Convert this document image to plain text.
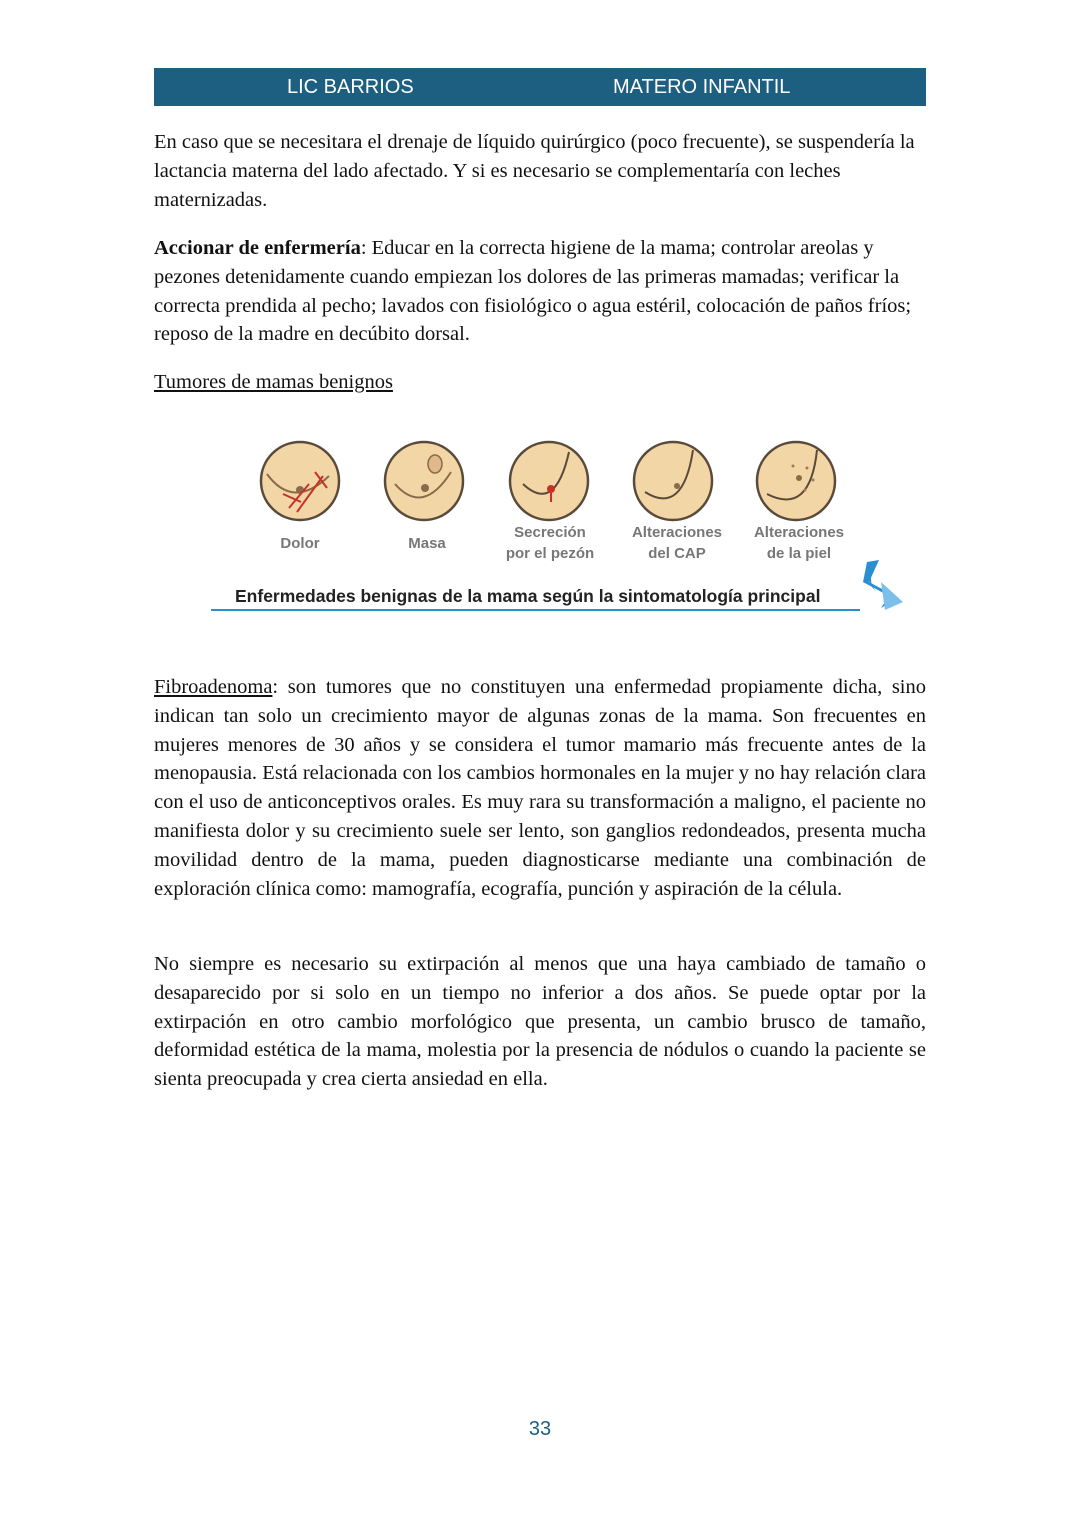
LIC BARRIOS	MATERO INFANTIL

En caso que se necesitara el drenaje de líquido quirúrgico (poco frecuente), se suspendería la lactancia materna del lado afectado. Y si es necesario se complementaría con leches maternizadas.

Accionar de enfermería: Educar en la correcta higiene de la mama; controlar areolas y pezones detenidamente cuando empiezan los dolores de las primeras mamadas; verificar la correcta prendida al pecho; lavados con fisiológico o agua estéril, colocación de paños fríos; reposo de la madre en decúbito dorsal.

Tumores de mamas benignos

Fibroadenoma: son tumores que no constituyen una enfermedad propiamente dicha, sino indican tan solo un crecimiento mayor de algunas zonas de la mama. Son frecuentes en mujeres menores de 30 años y se considera el tumor mamario más frecuente antes de la menopausia. Está relacionada con los cambios hormonales en la mujer y no hay relación clara con el uso de anticonceptivos orales. Es muy rara su transformación a maligno, el paciente no manifiesta dolor y su crecimiento suele ser lento, son ganglios redondeados, presenta mucha movilidad dentro de la mama, pueden diagnosticarse mediante una combinación de exploración clínica como: mamografía, ecografía, punción y aspiración de la célula.

No siempre es necesario su extirpación al menos que una haya cambiado de tamaño o desaparecido por si solo en un tiempo no inferior a dos años. Se puede optar por la extirpación en otro cambio morfológico que presenta, un cambio brusco de tamaño, deformidad estética de la mama, molestia por la presencia de nódulos o cuando la paciente se sienta preocupada y crea cierta ansiedad en ella.

Dolor	Masa
Secreción
por el pezón
Alteraciones
del CAP
Alteraciones
de la piel
Enfermedades benignas de la mama según la sintomatología principal
33
